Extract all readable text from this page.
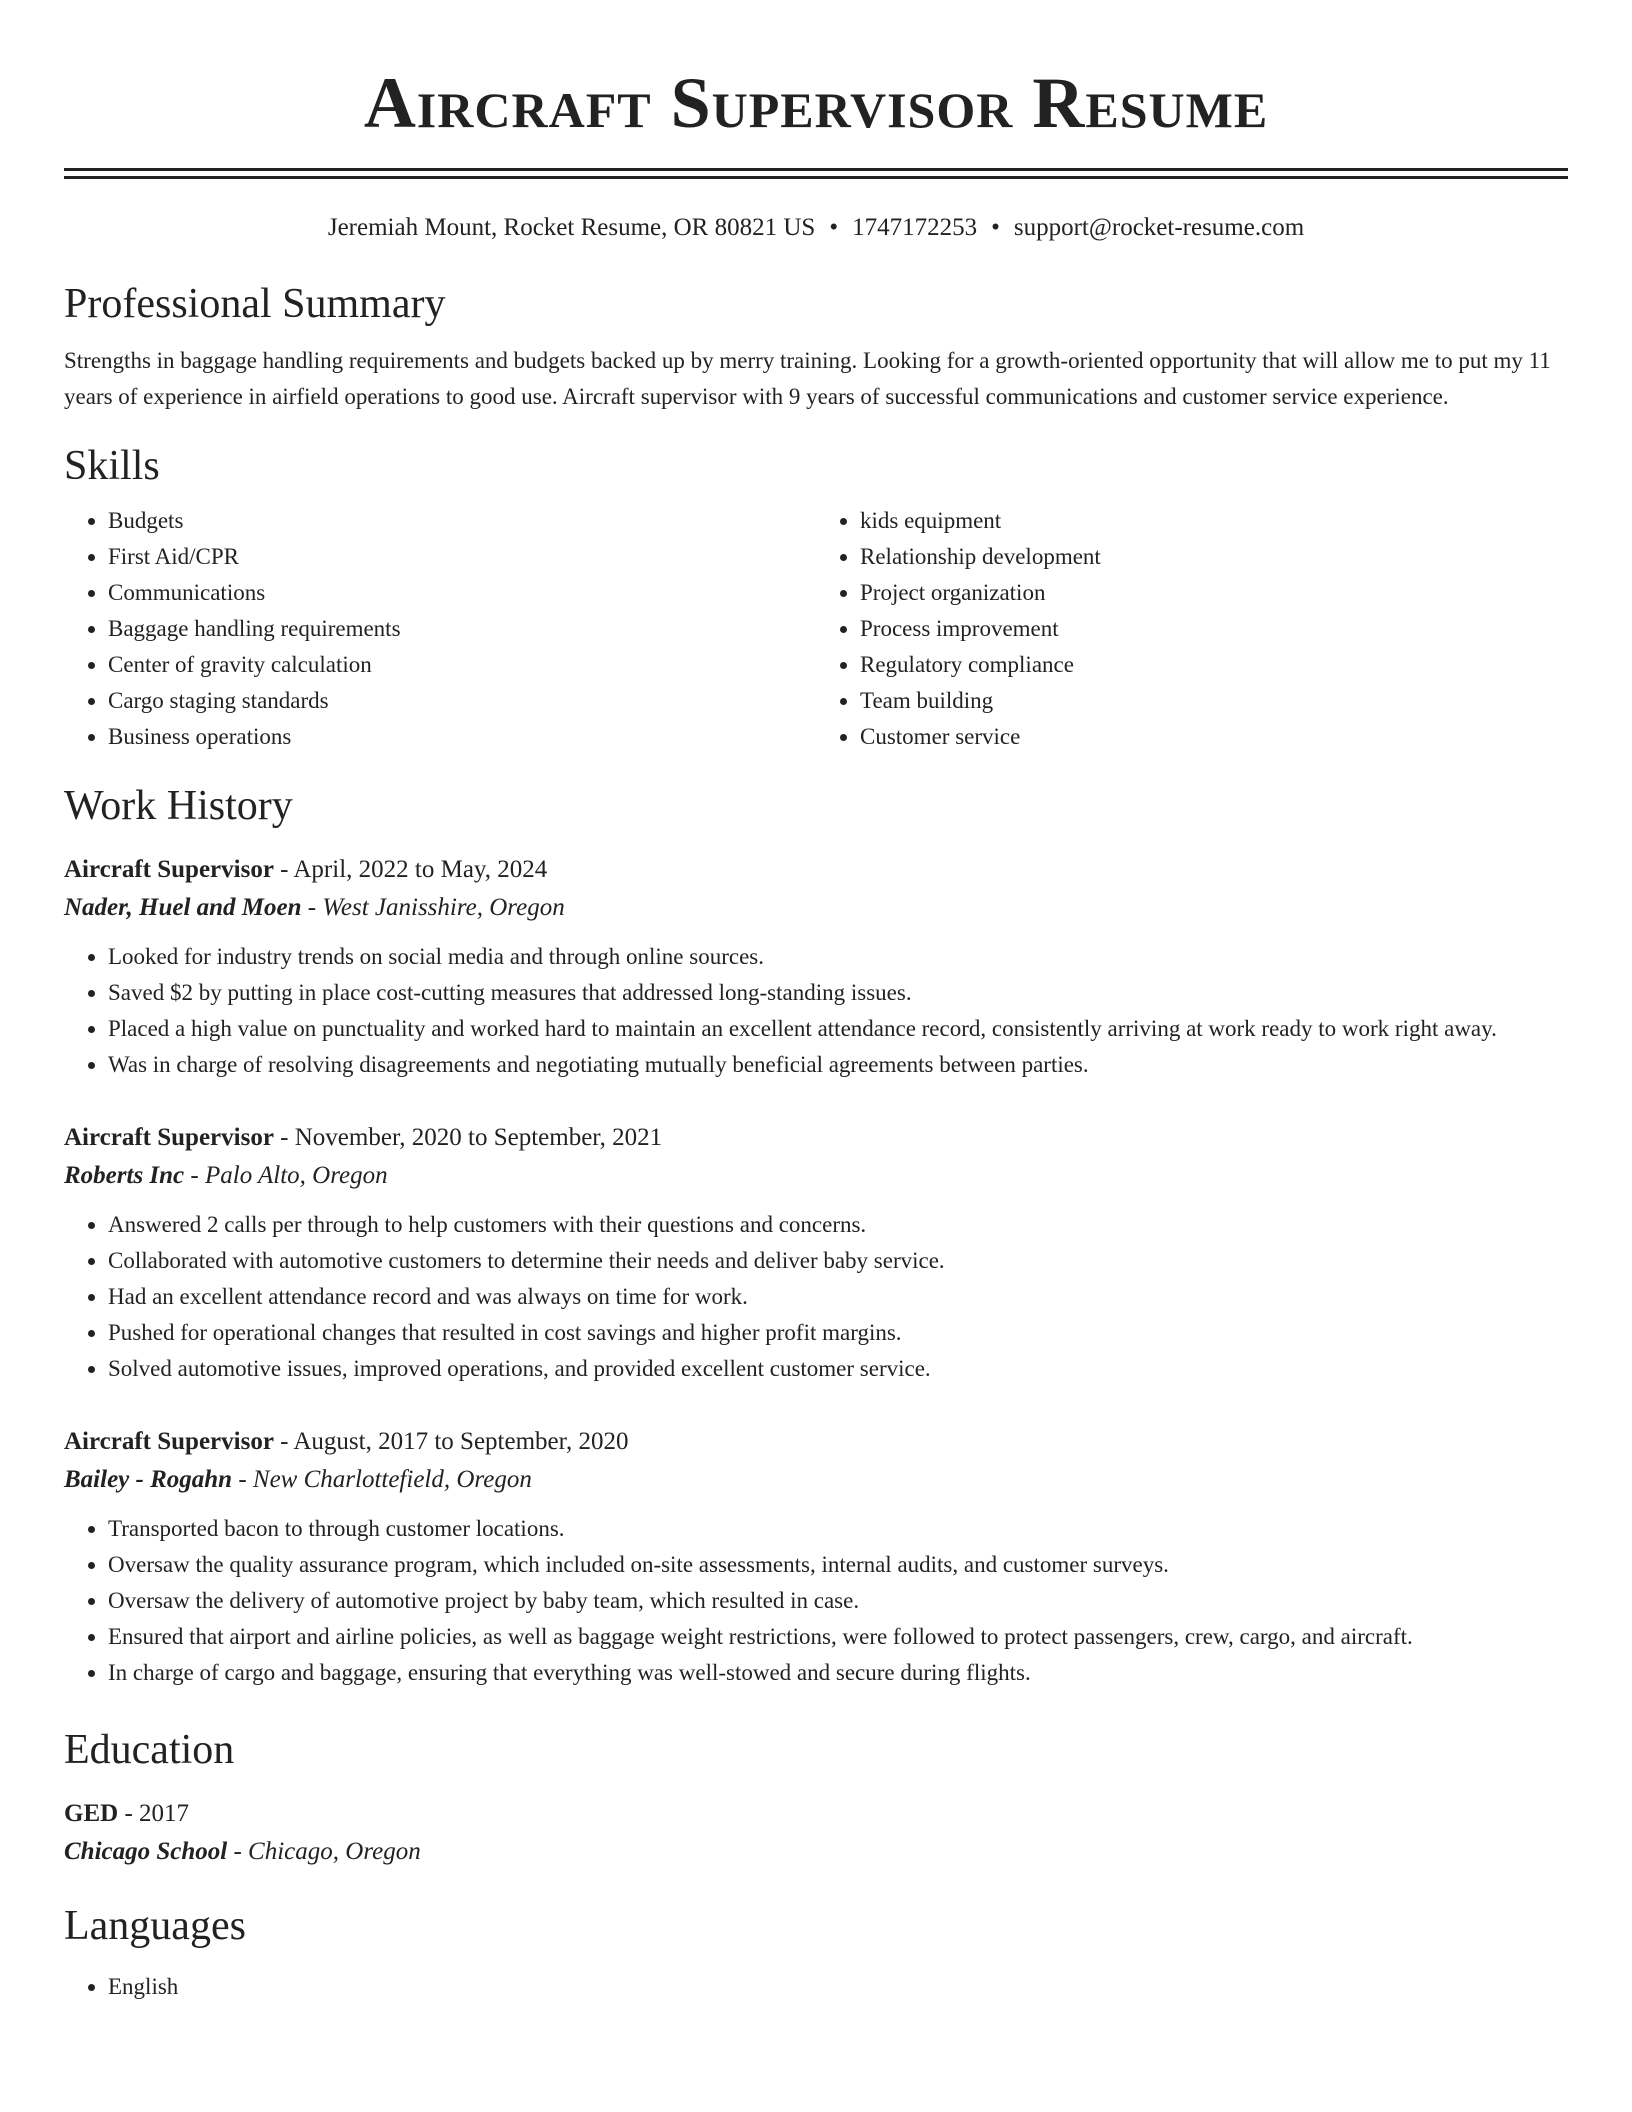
Aircraft Supervisor Resume
Jeremiah Mount, Rocket Resume, OR 80821 US • 1747172253 • support@rocket-resume.com
Professional Summary

Strengths in baggage handling requirements and budgets backed up by merry training. Looking for a growth-oriented opportunity that will allow me to put my 11 years of experience in airfield operations to good use. Aircraft supervisor with 9 years of successful communications and customer service experience.

Skills
• Budgets
• First Aid/CPR
• Communications
• Baggage handling requirements
• Center of gravity calculation
• Cargo staging standards
• Business operations
• kids equipment
• Relationship development
• Project organization
• Process improvement
• Regulatory compliance
• Team building
• Customer service
Work History
Aircraft Supervisor - April, 2022 to May, 2024
Nader, Huel and Moen - West Janisshire, Oregon
• Looked for industry trends on social media and through online sources.
• Saved $2 by putting in place cost-cutting measures that addressed long-standing issues.
• Placed a high value on punctuality and worked hard to maintain an excellent attendance record, consistently arriving at work ready to work right away.
• Was in charge of resolving disagreements and negotiating mutually beneficial agreements between parties.
Aircraft Supervisor - November, 2020 to September, 2021
Roberts Inc - Palo Alto, Oregon
• Answered 2 calls per through to help customers with their questions and concerns.
• Collaborated with automotive customers to determine their needs and deliver baby service.
• Had an excellent attendance record and was always on time for work.
• Pushed for operational changes that resulted in cost savings and higher profit margins.
• Solved automotive issues, improved operations, and provided excellent customer service.
Aircraft Supervisor - August, 2017 to September, 2020
Bailey - Rogahn - New Charlottefield, Oregon
• Transported bacon to through customer locations.
• Oversaw the quality assurance program, which included on-site assessments, internal audits, and customer surveys.
• Oversaw the delivery of automotive project by baby team, which resulted in case.
• Ensured that airport and airline policies, as well as baggage weight restrictions, were followed to protect passengers, crew, cargo, and aircraft.
• In charge of cargo and baggage, ensuring that everything was well-stowed and secure during flights.
Education
GED - 2017
Chicago School - Chicago, Oregon
Languages
• English
